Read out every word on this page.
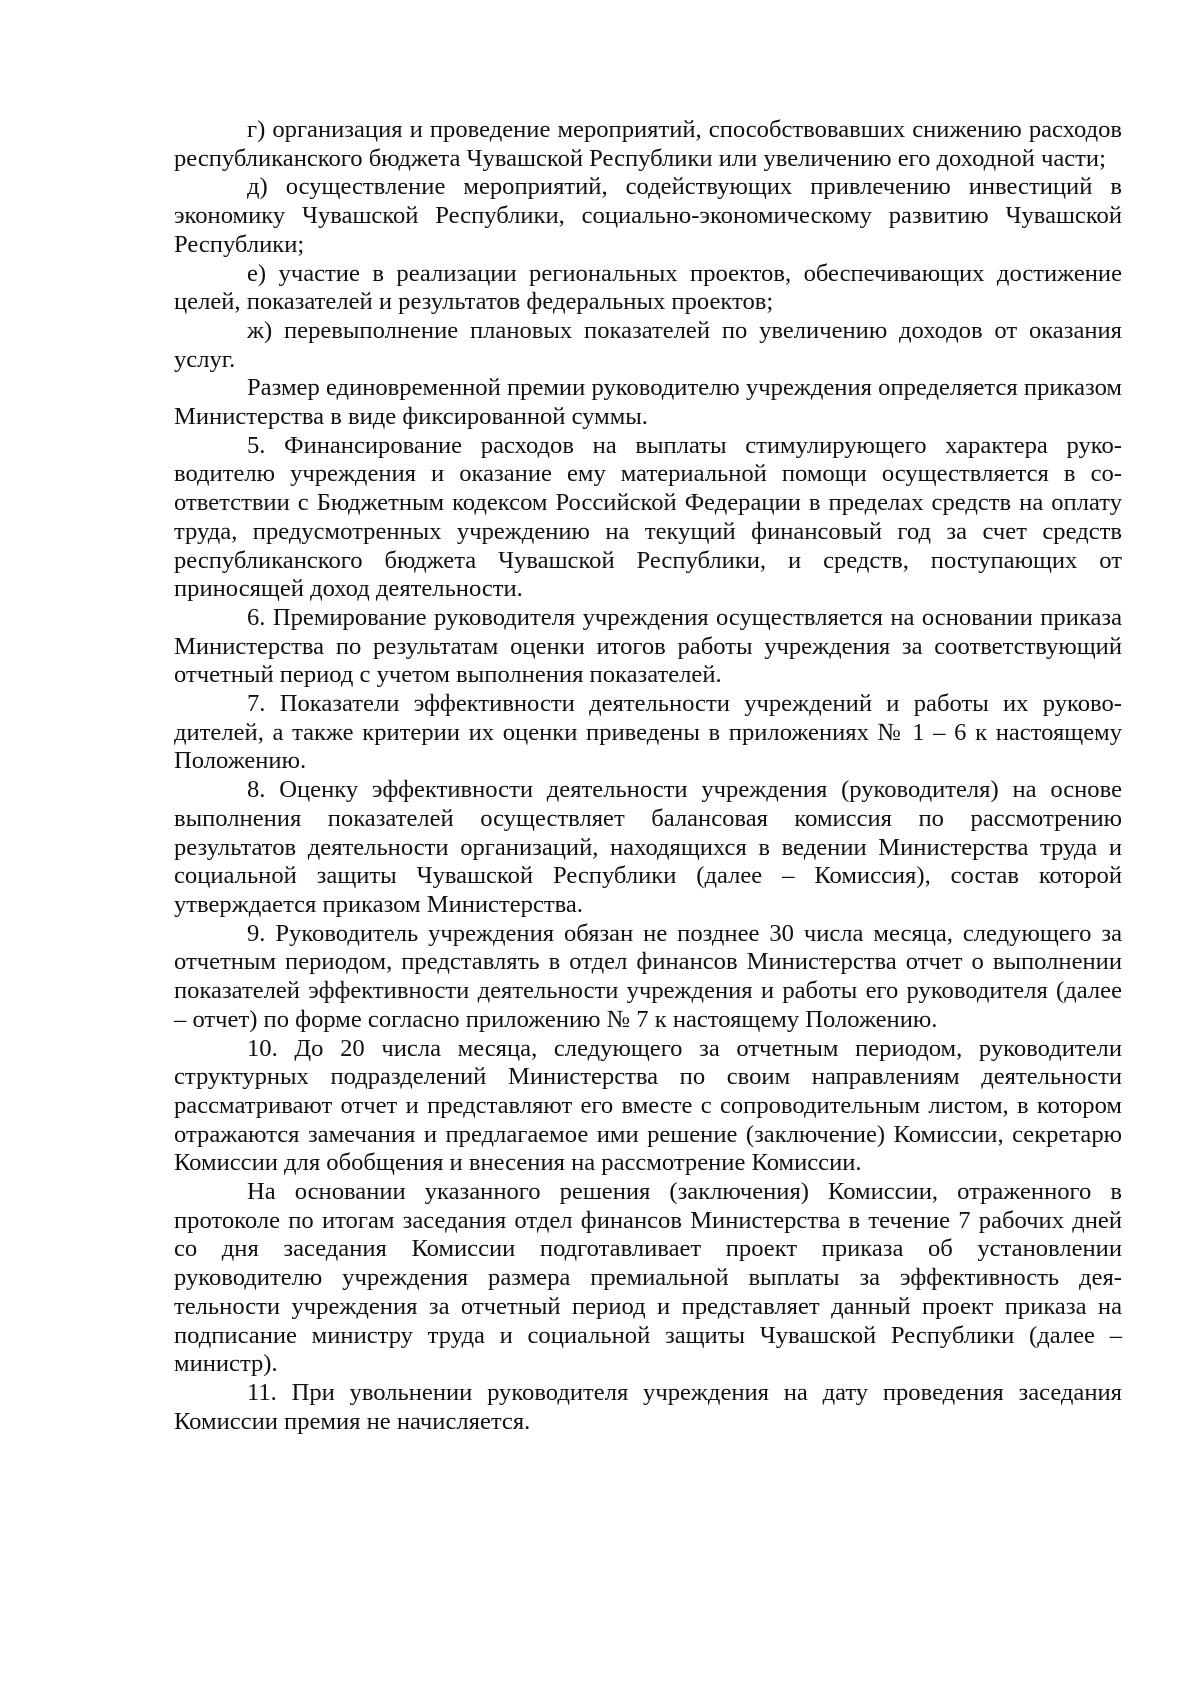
г) организация и проведение мероприятий, способствовавших снижению расходов республиканского бюджета Чувашской Республики или увеличению его доходной части;

д) осуществление мероприятий, содействующих привлечению инвестиций в экономику Чувашской Республики, социально-экономическому развитию Чувашской Республики;

е) участие в реализации региональных проектов, обеспечивающих достижение целей, показателей и результатов федеральных проектов;

ж) перевыполнение плановых показателей по увеличению доходов от оказания услуг.

Размер единовременной премии руководителю учреждения определяется приказом Министерства в виде фиксированной суммы.

5. Финансирование расходов на выплаты стимулирующего характера руководителю учреждения и оказание ему материальной помощи осуществляется в соответствии с Бюджетным кодексом Российской Федерации в пределах средств на оплату труда, предусмотренных учреждению на текущий финансовый год за счет средств республиканского бюджета Чувашской Республики, и средств, поступающих от приносящей доход деятельности.

6. Премирование руководителя учреждения осуществляется на основании приказа Министерства по результатам оценки итогов работы учреждения за соответствующий отчетный период с учетом выполнения показателей.

7. Показатели эффективности деятельности учреждений и работы их руководителей, а также критерии их оценки приведены в приложениях № 1 – 6 к настоящему Положению.

8. Оценку эффективности деятельности учреждения (руководителя) на основе выполнения показателей осуществляет балансовая комиссия по рассмотрению результатов деятельности организаций, находящихся в ведении Министерства труда и социальной защиты Чувашской Республики (далее – Комиссия), состав которой утверждается приказом Министерства.

9. Руководитель учреждения обязан не позднее 30 числа месяца, следующего за отчетным периодом, представлять в отдел финансов Министерства отчет о выполнении показателей эффективности деятельности учреждения и работы его руководителя (далее – отчет) по форме согласно приложению № 7 к настоящему Положению.

10. До 20 числа месяца, следующего за отчетным периодом, руководители структурных подразделений Министерства по своим направлениям деятельности рассматривают отчет и представляют его вместе с сопроводительным листом, в котором отражаются замечания и предлагаемое ими решение (заключение) Комиссии, секретарю Комиссии для обобщения и внесения на рассмотрение Комиссии.

На основании указанного решения (заключения) Комиссии, отраженного в протоколе по итогам заседания отдел финансов Министерства в течение 7 рабочих дней со дня заседания Комиссии подготавливает проект приказа об установлении руководителю учреждения размера премиальной выплаты за эффективность деятельности учреждения за отчетный период и представляет данный проект приказа на подписание министру труда и социальной защиты Чувашской Республики (далее – министр).

11. При увольнении руководителя учреждения на дату проведения заседания Комиссии премия не начисляется.
